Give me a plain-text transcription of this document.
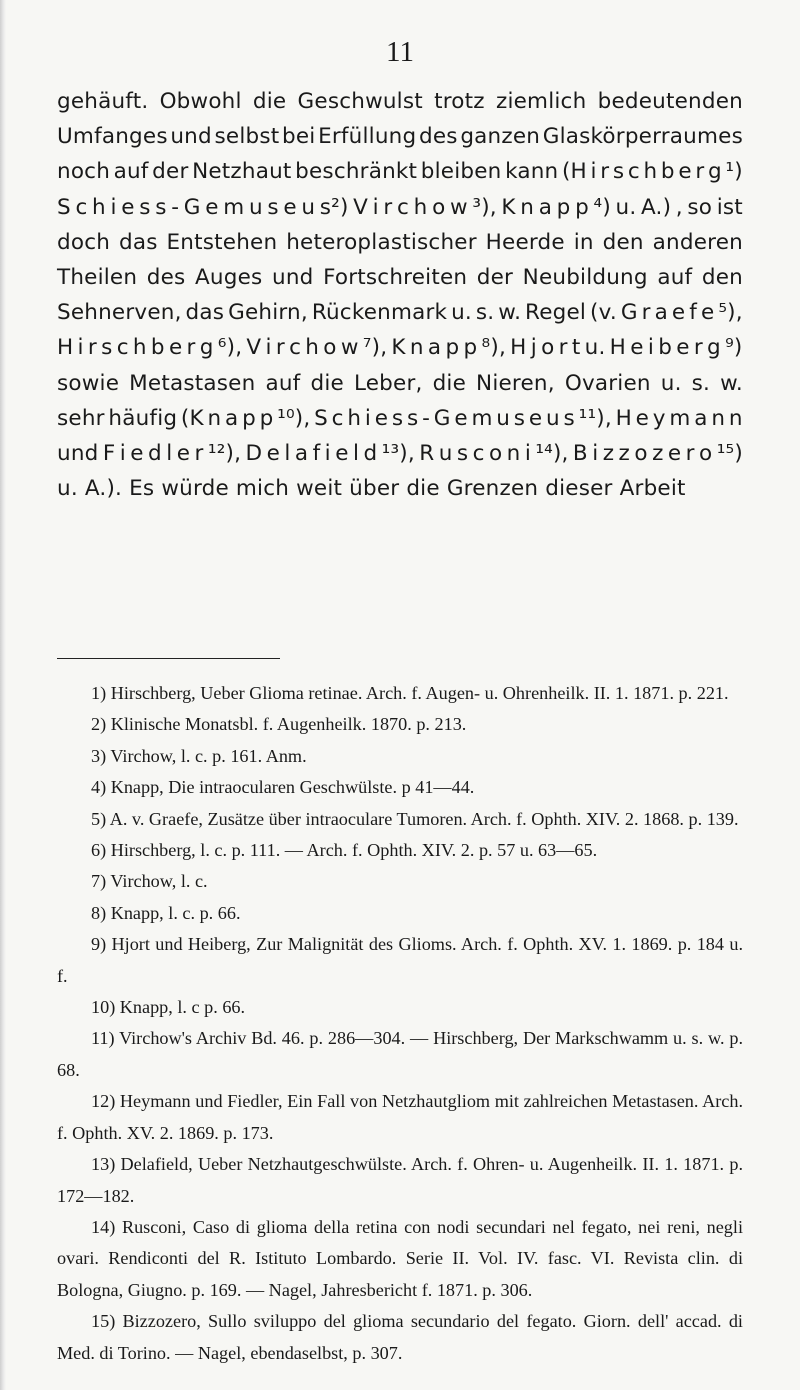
11
gehäuft. Obwohl die Geschwulst trotz ziemlich bedeutenden
Umfanges und selbst bei Erfüllung des ganzen Glaskörperraumes
noch auf der Netzhaut beschränkt bleiben kann (H i r s c h b e r g ¹)
S c h i e s s - G e m u s e u s²) V i r c h o w ³), K n a p p ⁴) u. A.) , so ist
doch das Entstehen heteroplastischer Heerde in den anderen
Theilen des Auges und Fortschreiten der Neubildung auf den
Sehnerven, das Gehirn, Rückenmark u. s. w. Regel (v. G r a e f e ⁵),
H i r s c h b e r g ⁶), V i r c h o w ⁷), K n a p p ⁸), H j o r t u. H e i b e r g ⁹)
sowie Metastasen auf die Leber, die Nieren, Ovarien u. s. w.
sehr häufig (K n a p p ¹⁰), S c h i e s s - G e m u s e u s ¹¹), H e y m a n n
und F i e d l e r ¹²), D e l a f i e l d ¹³), R u s c o n i ¹⁴), B i z z o z e r o ¹⁵)
u. A.). Es würde mich weit über die Grenzen dieser Arbeit
1) Hirschberg, Ueber Glioma retinae. Arch. f. Augen- u. Ohrenheilk. II. 1. 1871. p. 221.
2) Klinische Monatsbl. f. Augenheilk. 1870. p. 213.
3) Virchow, l. c. p. 161. Anm.
4) Knapp, Die intraocularen Geschwülste. p 41—44.
5) A. v. Graefe, Zusätze über intraoculare Tumoren. Arch. f. Ophth. XIV. 2. 1868. p. 139.
6) Hirschberg, l. c. p. 111. — Arch. f. Ophth. XIV. 2. p. 57 u. 63—65.
7) Virchow, l. c.
8) Knapp, l. c. p. 66.
9) Hjort und Heiberg, Zur Malignität des Glioms. Arch. f. Ophth. XV. 1. 1869. p. 184 u. f.
10) Knapp, l. c p. 66.
11) Virchow's Archiv Bd. 46. p. 286—304. — Hirschberg, Der Markschwamm u. s. w. p. 68.
12) Heymann und Fiedler, Ein Fall von Netzhautgliom mit zahlreichen Metastasen. Arch. f. Ophth. XV. 2. 1869. p. 173.
13) Delafield, Ueber Netzhautgeschwülste. Arch. f. Ohren- u. Augenheilk. II. 1. 1871. p. 172—182.
14) Rusconi, Caso di glioma della retina con nodi secundari nel fegato, nei reni, negli ovari. Rendiconti del R. Istituto Lombardo. Serie II. Vol. IV. fasc. VI. Revista clin. di Bologna, Giugno. p. 169. — Nagel, Jahresbericht f. 1871. p. 306.
15) Bizzozero, Sullo sviluppo del glioma secundario del fegato. Giorn. dell' accad. di Med. di Torino. — Nagel, ebendaselbst, p. 307.
